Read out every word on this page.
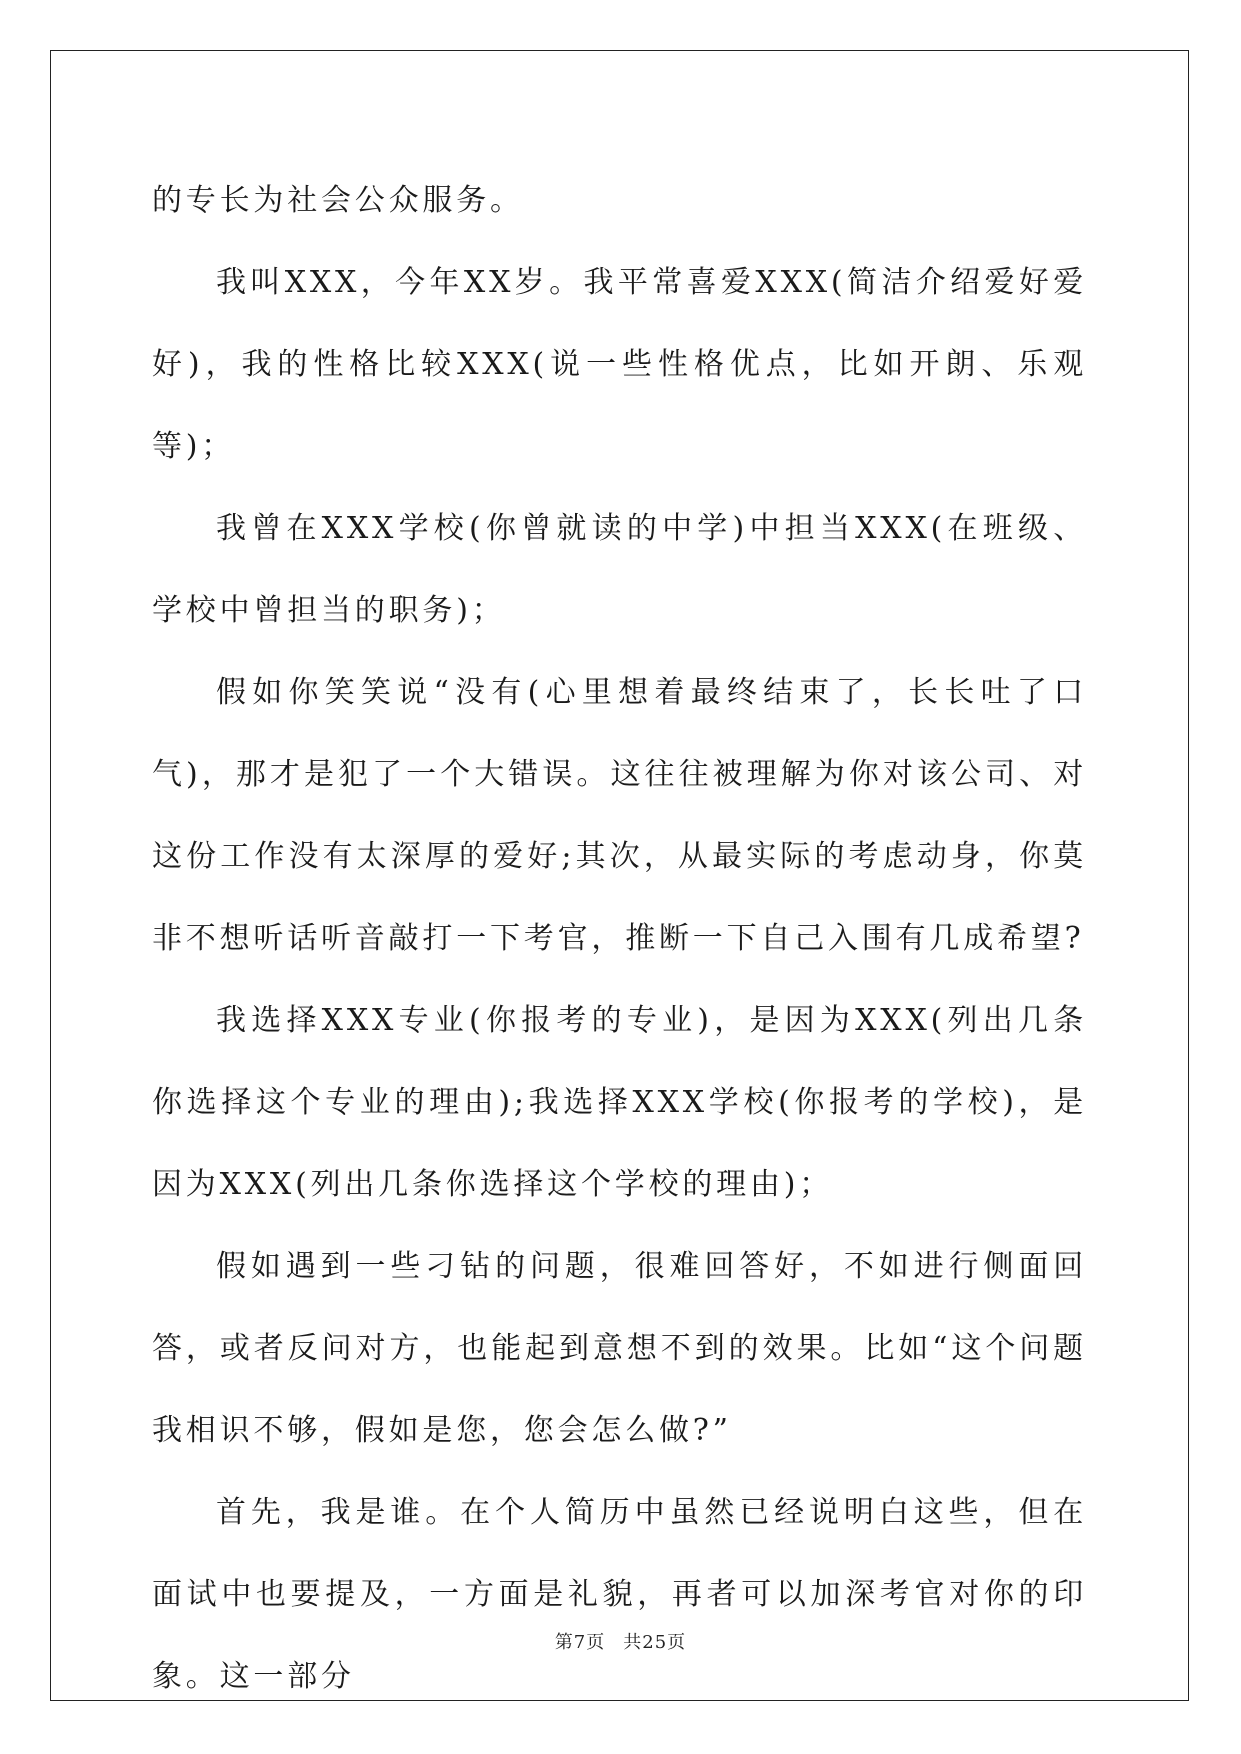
的专长为社会公众服务。

我叫XXX，今年XX岁。我平常喜爱XXX(简洁介绍爱好爱好)，我的性格比较XXX(说一些性格优点，比如开朗、乐观等)；

我曾在XXX学校(你曾就读的中学)中担当XXX(在班级、学校中曾担当的职务)；

假如你笑笑说“没有(心里想着最终结束了，长长吐了口气)，那才是犯了一个大错误。这往往被理解为你对该公司、对这份工作没有太深厚的爱好;其次，从最实际的考虑动身，你莫非不想听话听音敲打一下考官，推断一下自己入围有几成希望?

我选择XXX专业(你报考的专业)，是因为XXX(列出几条你选择这个专业的理由);我选择XXX学校(你报考的学校)，是因为XXX(列出几条你选择这个学校的理由)；

假如遇到一些刁钻的问题，很难回答好，不如进行侧面回答，或者反问对方，也能起到意想不到的效果。比如“这个问题我相识不够，假如是您，您会怎么做?”

首先，我是谁。在个人简历中虽然已经说明白这些，但在面试中也要提及，一方面是礼貌，再者可以加深考官对你的印象。这一部分

第7页 共25页
